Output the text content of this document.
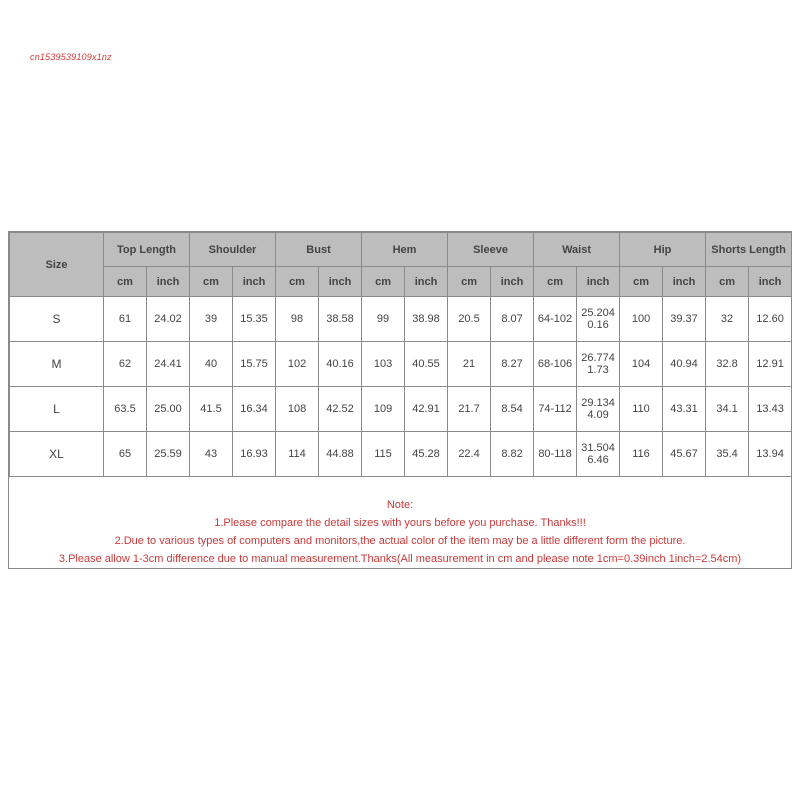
cn1539539109x1nz
Size	Top Length		Shoulder		Bust		Hem		Sleeve		Waist		Hip		Shorts Length	
	cm	inch	cm	inch	cm	inch	cm	inch	cm	inch	cm	inch	cm	inch	cm	inch
S	61	24.02	39	15.35	98	38.58	99	38.98	20.5	8.07	64-102	25.2040.16	100	39.37	32	12.60
M	62	24.41	40	15.75	102	40.16	103	40.55	21	8.27	68-106	26.7741.73	104	40.94	32.8	12.91
L	63.5	25.00	41.5	16.34	108	42.52	109	42.91	21.7	8.54	74-112	29.1344.09	110	43.31	34.1	13.43
XL	65	25.59	43	16.93	114	44.88	115	45.28	22.4	8.82	80-118	31.5046.46	116	45.67	35.4	13.94
Note:
1.Please compare the detail sizes with yours before you purchase. Thanks!!!
2.Due to various types of computers and monitors,the actual color of the item may be a little different form the picture.
3.Please allow 1-3cm difference due to manual measurement.Thanks(All measurement in cm and please note 1cm=0.39inch 1inch=2.54cm)
